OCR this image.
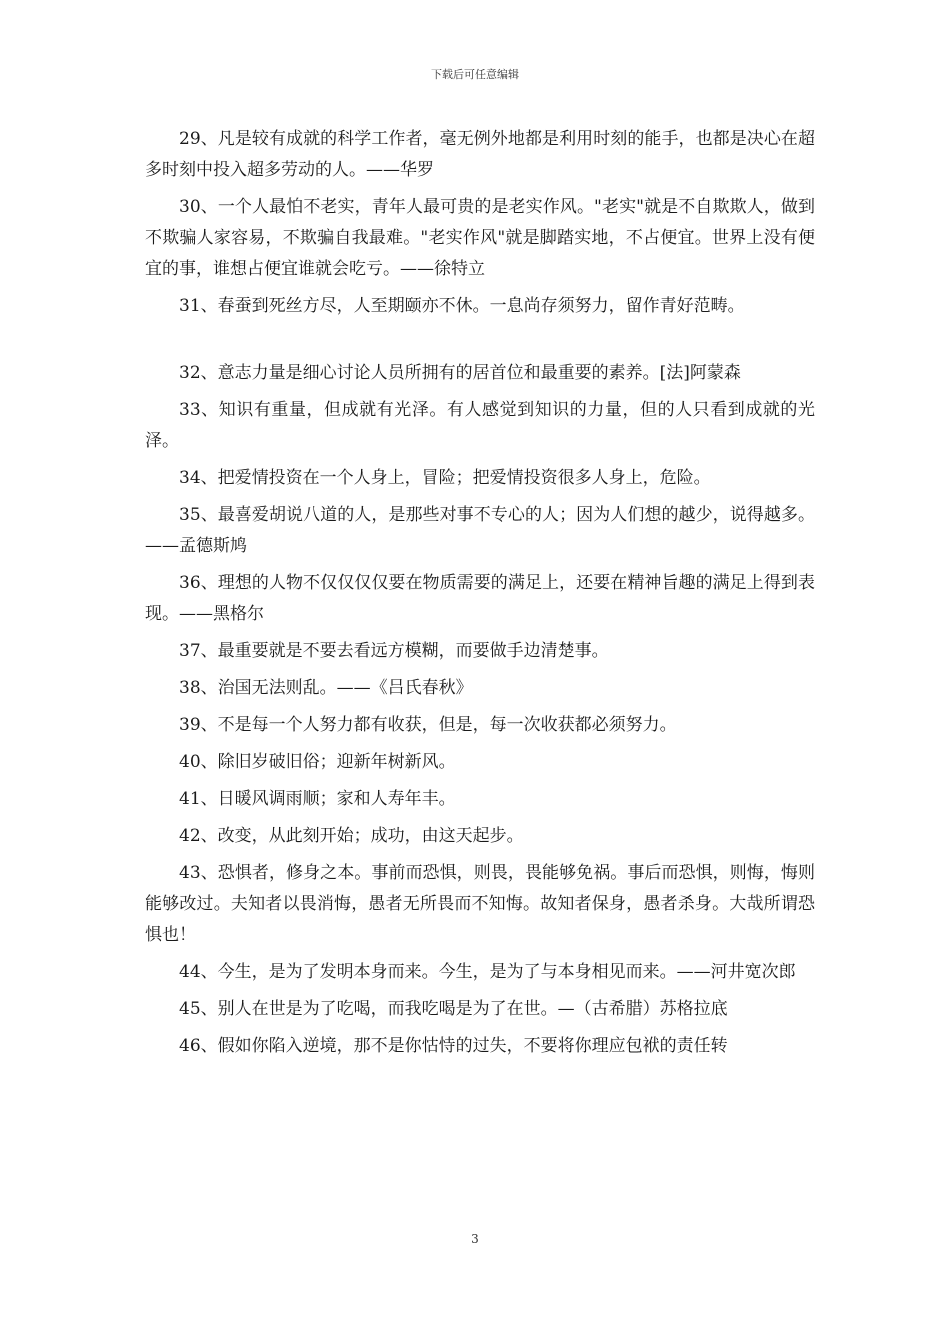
下载后可任意编辑

29、凡是较有成就的科学工作者，毫无例外地都是利用时刻的能手，也都是决心在超多时刻中投入超多劳动的人。——华罗

30、一个人最怕不老实，青年人最可贵的是老实作风。"老实"就是不自欺欺人，做到不欺骗人家容易，不欺骗自我最难。"老实作风"就是脚踏实地，不占便宜。世界上没有便宜的事，谁想占便宜谁就会吃亏。——徐特立

31、春蚕到死丝方尽，人至期颐亦不休。一息尚存须努力，留作青好范畴。

32、意志力量是细心讨论人员所拥有的居首位和最重要的素养。[法]阿蒙森

33、知识有重量，但成就有光泽。有人感觉到知识的力量，但的人只看到成就的光泽。

34、把爱情投资在一个人身上，冒险；把爱情投资很多人身上，危险。

35、最喜爱胡说八道的人，是那些对事不专心的人；因为人们想的越少，说得越多。——孟德斯鸠

36、理想的人物不仅仅仅仅要在物质需要的满足上，还要在精神旨趣的满足上得到表现。——黑格尔

37、最重要就是不要去看远方模糊，而要做手边清楚事。

38、治国无法则乱。——《吕氏春秋》

39、不是每一个人努力都有收获，但是，每一次收获都必须努力。

40、除旧岁破旧俗；迎新年树新风。

41、日暖风调雨顺；家和人寿年丰。

42、改变，从此刻开始；成功，由这天起步。

43、恐惧者，修身之本。事前而恐惧，则畏，畏能够免祸。事后而恐惧，则悔，悔则能够改过。夫知者以畏消悔，愚者无所畏而不知悔。故知者保身，愚者杀身。大哉所谓恐惧也！

44、今生，是为了发明本身而来。今生，是为了与本身相见而来。——河井宽次郎

45、别人在世是为了吃喝，而我吃喝是为了在世。—（古希腊）苏格拉底

46、假如你陷入逆境，那不是你怙恃的过失，不要将你理应包袱的责任转

3
